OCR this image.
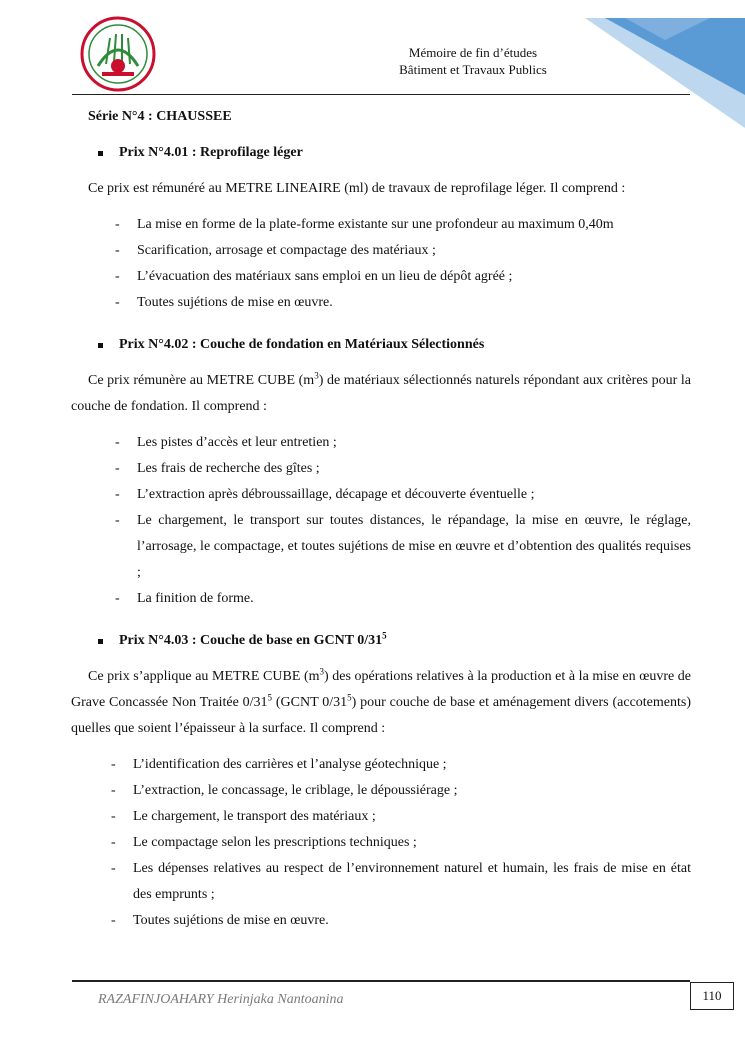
Mémoire de fin d’études
Bâtiment et Travaux Publics
Série N°4 : CHAUSSEE
Prix N°4.01 : Reprofilage léger

Ce prix est rémunéré au METRE LINEAIRE (ml) de travaux de reprofilage léger. Il comprend :

- La mise en forme de la plate-forme existante sur une profondeur au maximum 0,40m
- Scarification, arrosage et compactage des matériaux ;
- L’évacuation des matériaux sans emploi en un lieu de dépôt agréé ;
- Toutes sujétions de mise en œuvre.
Prix N°4.02 : Couche de fondation en Matériaux Sélectionnés

Ce prix rémunère au METRE CUBE $(m^3)$ de matériaux sélectionnés naturels répondant aux critères pour la couche de fondation. Il comprend :

- Les pistes d’accès et leur entretien ;
- Les frais de recherche des gîtes ;
- L’extraction après débroussaillage, décapage et découverte éventuelle ;
- Le chargement, le transport sur toutes distances, le répandage, la mise en œuvre, le réglage, l’arrosage, le compactage, et toutes sujétions de mise en œuvre et d’obtention des qualités requises ;
- La finition de forme.
Prix N°4.03 : Couche de base en GCNT $0/31^5$

Ce prix s’applique au METRE CUBE $(m^3)$ des opérations relatives à la production et à la mise en œuvre de Grave Concassée Non Traitée $0/31^5$ (GCNT $0/31^5$) pour couche de base et aménagement divers (accotements) quelles que soient l’épaisseur à la surface. Il comprend :

- L’identification des carrières et l’analyse géotechnique ;
- L’extraction, le concassage, le criblage, le dépoussiérage ;
- Le chargement, le transport des matériaux ;
- Le compactage selon les prescriptions techniques ;
- Les dépenses relatives au respect de l’environnement naturel et humain, les frais de mise en état des emprunts ;
- Toutes sujétions de mise en œuvre.
RAZAFINJOAHARY Herinjaka Nantoanina	110
